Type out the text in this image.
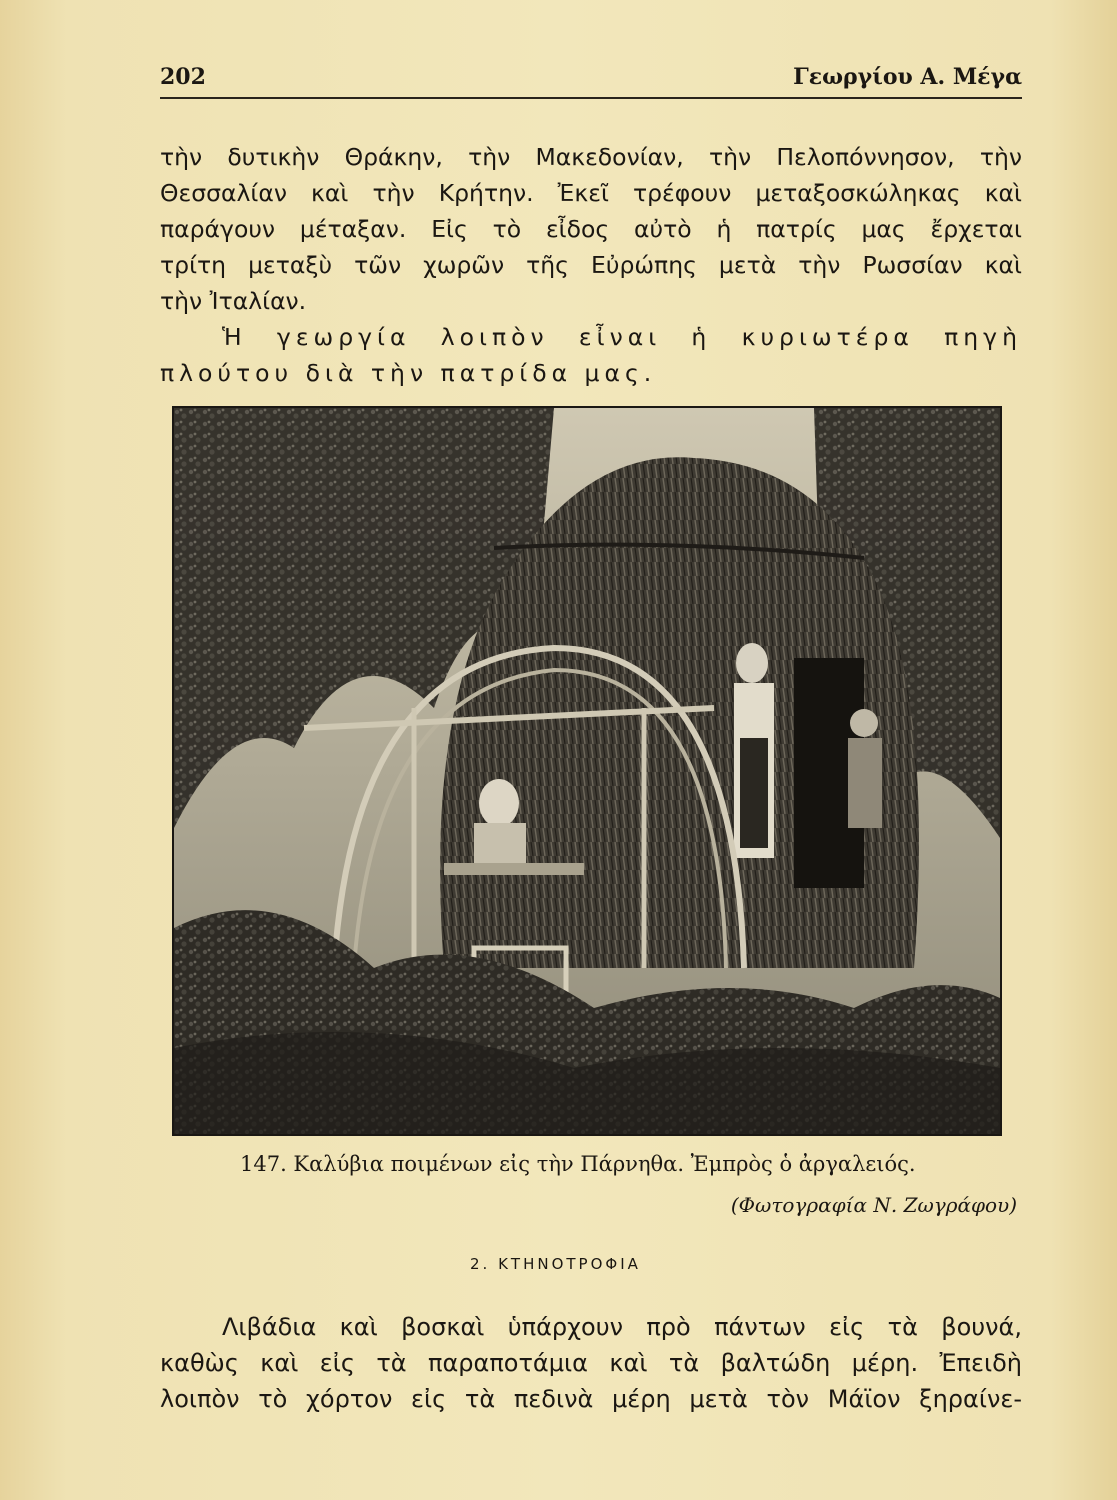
202	Γεωργίου Α. Μέγα

τὴν δυτικὴν Θράκην, τὴν Μακεδονίαν, τὴν Πελοπόννησον, τὴν
Θεσσαλίαν καὶ τὴν Κρήτην. Ἐκεῖ τρέφουν μεταξοσκώληκας καὶ
παράγουν μέταξαν. Εἰς τὸ εἶδος αὐτὸ ἡ πατρίς μας ἔρχεται
τρίτη μεταξὺ τῶν χωρῶν τῆς Εὐρώπης μετὰ τὴν Ρωσσίαν καὶ
τὴν Ἰταλίαν.

Ἡ γεωργία λοιπὸν εἶναι ἡ κυριωτέρα πηγὴ
πλούτου διὰ τὴν πατρίδα μας.

147. Καλύβια ποιμένων εἰς τὴν Πάρνηθα. Ἐμπρὸς ὁ ἀργαλειός.
(Φωτογραφία Ν. Ζωγράφου)
2. ΚΤΗΝΟΤΡΟΦΙΑ

Λιβάδια καὶ βοσκαὶ ὑπάρχουν πρὸ πάντων εἰς τὰ βουνά,
καθὼς καὶ εἰς τὰ παραποτάμια καὶ τὰ βαλτώδη μέρη. Ἐπειδὴ
λοιπὸν τὸ χόρτον εἰς τὰ πεδινὰ μέρη μετὰ τὸν Μάϊον ξηραίνε-
